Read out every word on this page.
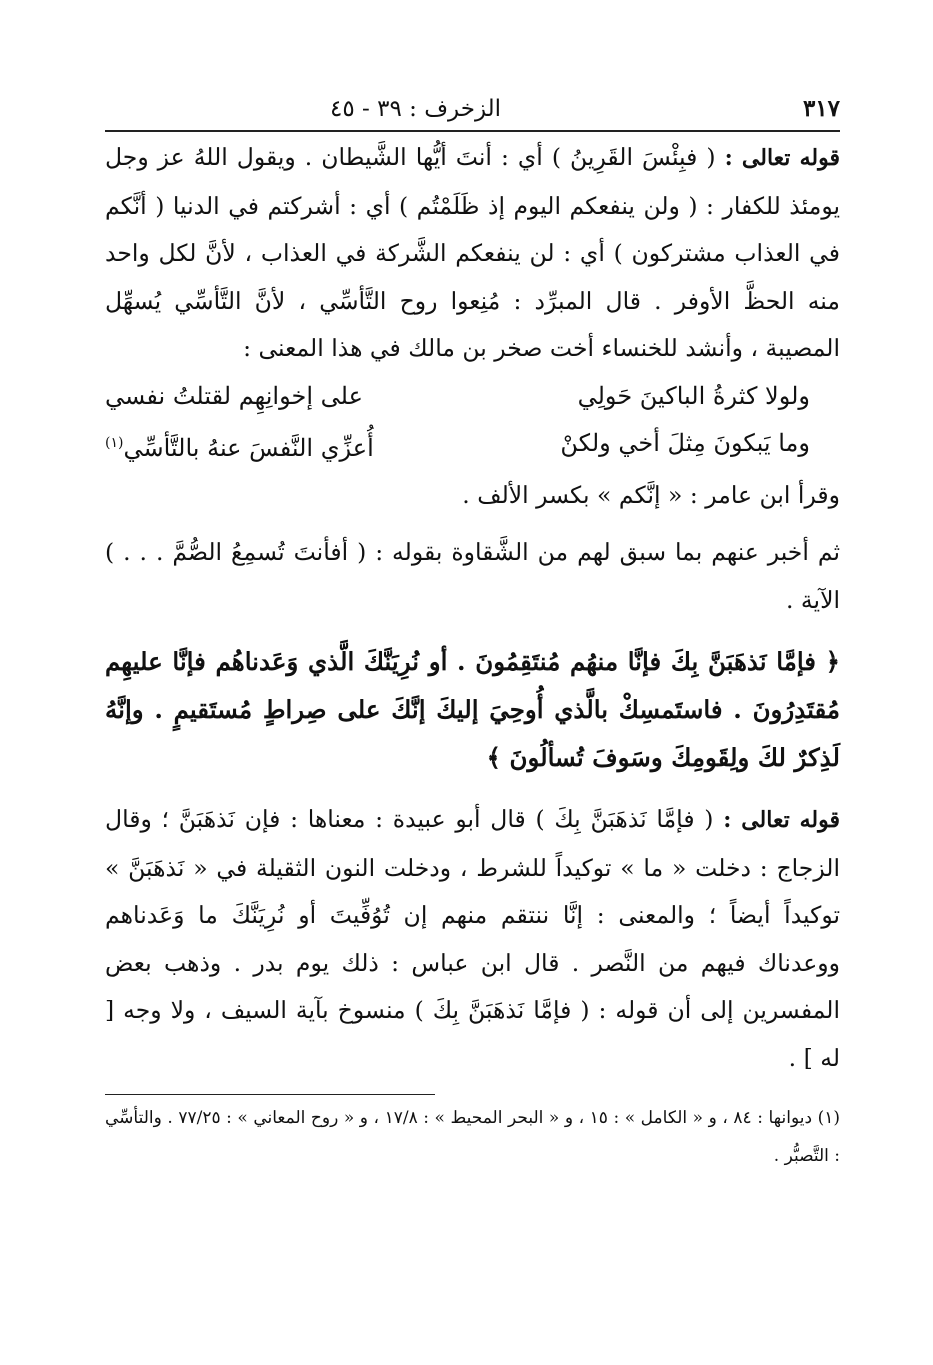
٣١٧
الزخرف : ٣٩ - ٤٥

قوله تعالى : ( فبِئْسَ القَرِينُ ) أي : أنتَ أيُّها الشَّيطان . ويقول اللهُ عز وجل يومئذ للكفار : ( ولن ينفعكم اليوم إذ ظَلَمْتُم ) أي : أشركتم في الدنيا ( أنَّكم في العذاب مشتركون ) أي : لن ينفعكم الشَّركة في العذاب ، لأنَّ لكل واحد منه الحظَّ الأوفر . قال المبرِّد : مُنِعوا روح التَّأسِّي ، لأنَّ التَّأسِّي يُسهِّل المصيبة ، وأنشد للخنساء أخت صخر بن مالك في هذا المعنى :

ولولا كثرةُ الباكينَ حَولِي
على إخوانِهِم لقتلتُ نفسي
وما يَبكونَ مِثلَ أخي ولكنْ
أُعزِّي النَّفسَ عنهُ بالتَّأسِّي$^{(١)}$

وقرأ ابن عامر : « إنَّكم » بكسر الألف .

ثم أخبر عنهم بما سبق لهم من الشَّقاوة بقوله : ( أفأنتَ تُسمِعُ الصُّمَّ . . . ) الآية .

﴿ فإمَّا نَذهَبَنَّ بِكَ فإنَّا منهُم مُنتَقِمُونَ . أو نُرِيَنَّكَ الَّذي وَعَدناهُم فإنَّا عليهِم مُقتَدِرُونَ . فاستَمسِكْ بالَّذي أُوحِيَ إليكَ إنَّكَ على صِراطٍ مُستَقيمٍ . وإنَّهُ لَذِكرٌ لكَ ولِقَومِكَ وسَوفَ تُسألُونَ ﴾

قوله تعالى : ( فإمَّا نَذهَبَنَّ بِكَ ) قال أبو عبيدة : معناها : فإن نَذهَبَنَّ ؛ وقال الزجاج : دخلت « ما » توكيداً للشرط ، ودخلت النون الثقيلة في « نَذهَبَنَّ » توكيداً أيضاً ؛ والمعنى : إنَّا ننتقم منهم إن تُوُفِّيتَ أو نُرِيَنَّكَ ما وَعَدناهم ووعدناك فيهم من النَّصر . قال ابن عباس : ذلك يوم بدر . وذهب بعض المفسرين إلى أن قوله : ( فإمَّا نَذهَبَنَّ بِكَ ) منسوخ بآية السيف ، ولا وجه [ له ] .

(١) ديوانها : ٨٤ ، و « الكامل » : ١٥ ، و « البحر المحيط » : ١٧/٨ ، و « روح المعاني » : ٧٧/٢٥ . والتأسِّي : التَّصبُّر .
